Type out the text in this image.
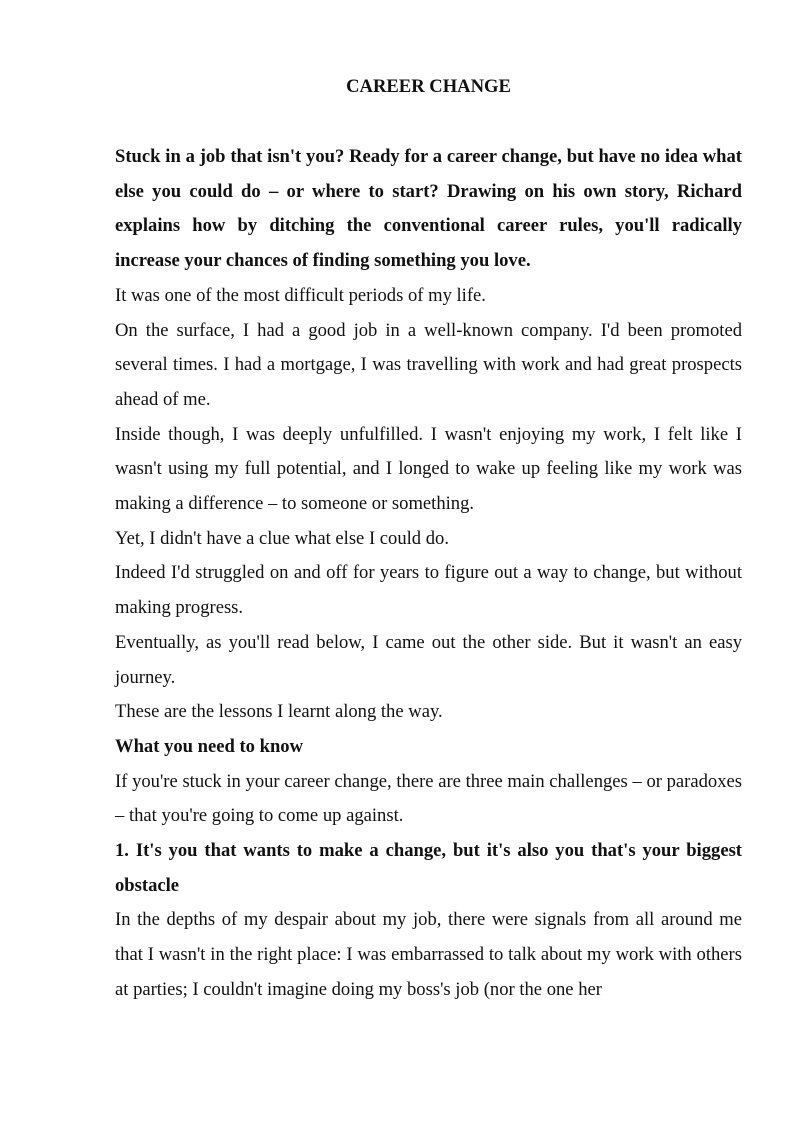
CAREER CHANGE

Stuck in a job that isn't you? Ready for a career change, but have no idea what else you could do – or where to start? Drawing on his own story, Richard explains how by ditching the conventional career rules, you'll radically increase your chances of finding something you love.

It was one of the most difficult periods of my life.

On the surface, I had a good job in a well-known company. I'd been promoted several times. I had a mortgage, I was travelling with work and had great prospects ahead of me.

Inside though, I was deeply unfulfilled. I wasn't enjoying my work, I felt like I wasn't using my full potential, and I longed to wake up feeling like my work was making a difference – to someone or something.

Yet, I didn't have a clue what else I could do.

Indeed I'd struggled on and off for years to figure out a way to change, but without making progress.

Eventually, as you'll read below, I came out the other side. But it wasn't an easy journey.

These are the lessons I learnt along the way.

What you need to know

If you're stuck in your career change, there are three main challenges – or paradoxes – that you're going to come up against.

1. It's you that wants to make a change, but it's also you that's your biggest obstacle

In the depths of my despair about my job, there were signals from all around me that I wasn't in the right place: I was embarrassed to talk about my work with others at parties; I couldn't imagine doing my boss's job (nor the one her
